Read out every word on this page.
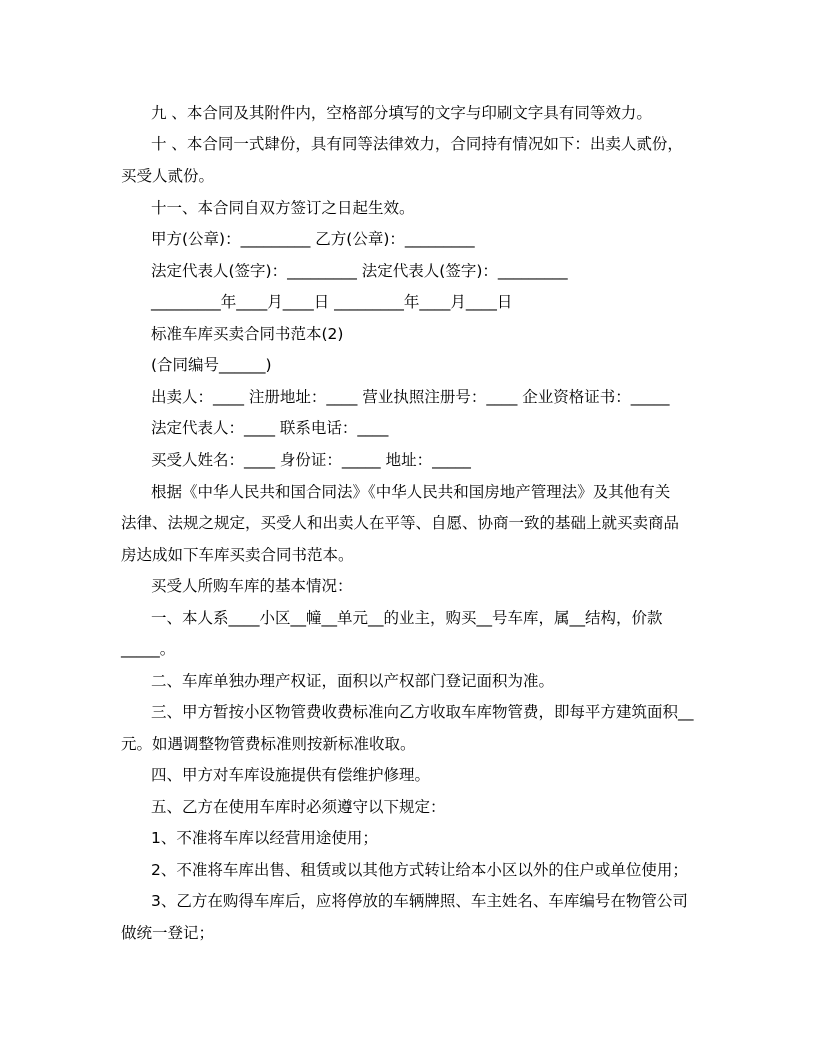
九 、本合同及其附件内，空格部分填写的文字与印刷文字具有同等效力。
十 、本合同一式肆份，具有同等法律效力，合同持有情况如下：出卖人贰份，
买受人贰份。
十一、本合同自双方签订之日起生效。
甲方(公章)：_________ 乙方(公章)：_________
法定代表人(签字)：_________ 法定代表人(签字)：_________
_________年____月____日 _________年____月____日
标准车库买卖合同书范本(2)
(合同编号______)
出卖人：____ 注册地址：____ 营业执照注册号：____ 企业资格证书：_____
法定代表人：____ 联系电话：____
买受人姓名：____ 身份证：_____ 地址：_____
根据《中华人民共和国合同法》《中华人民共和国房地产管理法》及其他有关
法律、法规之规定，买受人和出卖人在平等、自愿、协商一致的基础上就买卖商品
房达成如下车库买卖合同书范本。
买受人所购车库的基本情况：
一、本人系____小区__幢__单元__的业主，购买__号车库，属__结构，价款
_____。
二、车库单独办理产权证，面积以产权部门登记面积为准。
三、甲方暂按小区物管费收费标准向乙方收取车库物管费，即每平方建筑面积__
元。如遇调整物管费标准则按新标准收取。
四、甲方对车库设施提供有偿维护修理。
五、乙方在使用车库时必须遵守以下规定：
1、不准将车库以经营用途使用；
2、不准将车库出售、租赁或以其他方式转让给本小区以外的住户或单位使用；
3、乙方在购得车库后，应将停放的车辆牌照、车主姓名、车库编号在物管公司
做统一登记；
